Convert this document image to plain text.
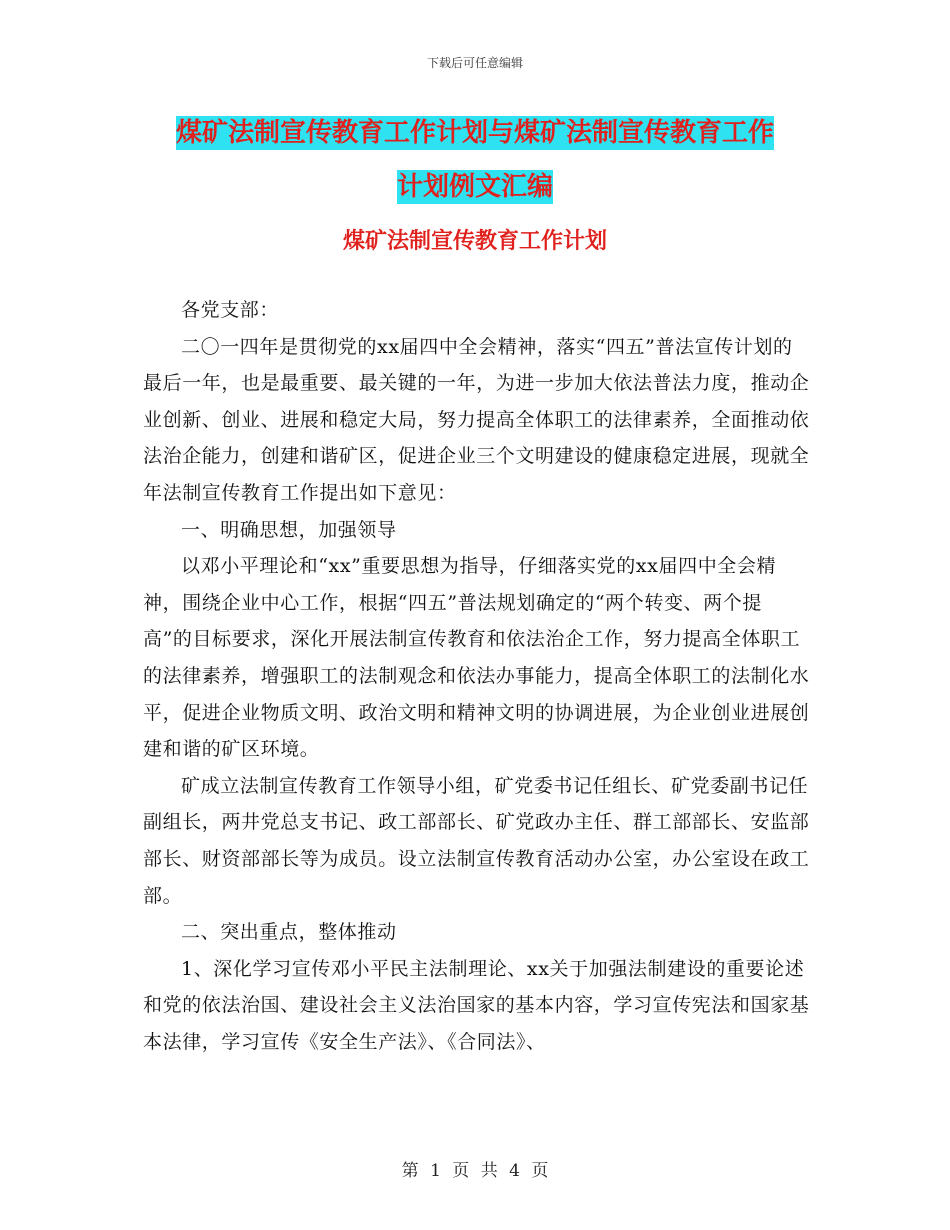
下载后可任意编辑
煤矿法制宣传教育工作计划与煤矿法制宣传教育工作
计划例文汇编
煤矿法制宣传教育工作计划

各党支部：

二〇一四年是贯彻党的xx届四中全会精神，落实“四五”普法宣传计划的最后一年，也是最重要、最关键的一年，为进一步加大依法普法力度，推动企业创新、创业、进展和稳定大局，努力提高全体职工的法律素养，全面推动依法治企能力，创建和谐矿区，促进企业三个文明建设的健康稳定进展，现就全年法制宣传教育工作提出如下意见：

一、明确思想，加强领导

以邓小平理论和“xx”重要思想为指导，仔细落实党的xx届四中全会精神，围绕企业中心工作，根据“四五”普法规划确定的“两个转变、两个提高”的目标要求，深化开展法制宣传教育和依法治企工作，努力提高全体职工的法律素养，增强职工的法制观念和依法办事能力，提高全体职工的法制化水平，促进企业物质文明、政治文明和精神文明的协调进展，为企业创业进展创建和谐的矿区环境。

矿成立法制宣传教育工作领导小组，矿党委书记任组长、矿党委副书记任副组长，两井党总支书记、政工部部长、矿党政办主任、群工部部长、安监部部长、财资部部长等为成员。设立法制宣传教育活动办公室，办公室设在政工部。

二、突出重点，整体推动

1、深化学习宣传邓小平民主法制理论、xx关于加强法制建设的重要论述和党的依法治国、建设社会主义法治国家的基本内容，学习宣传宪法和国家基本法律，学习宣传《安全生产法》、《合同法》、

第 1 页 共 4 页
